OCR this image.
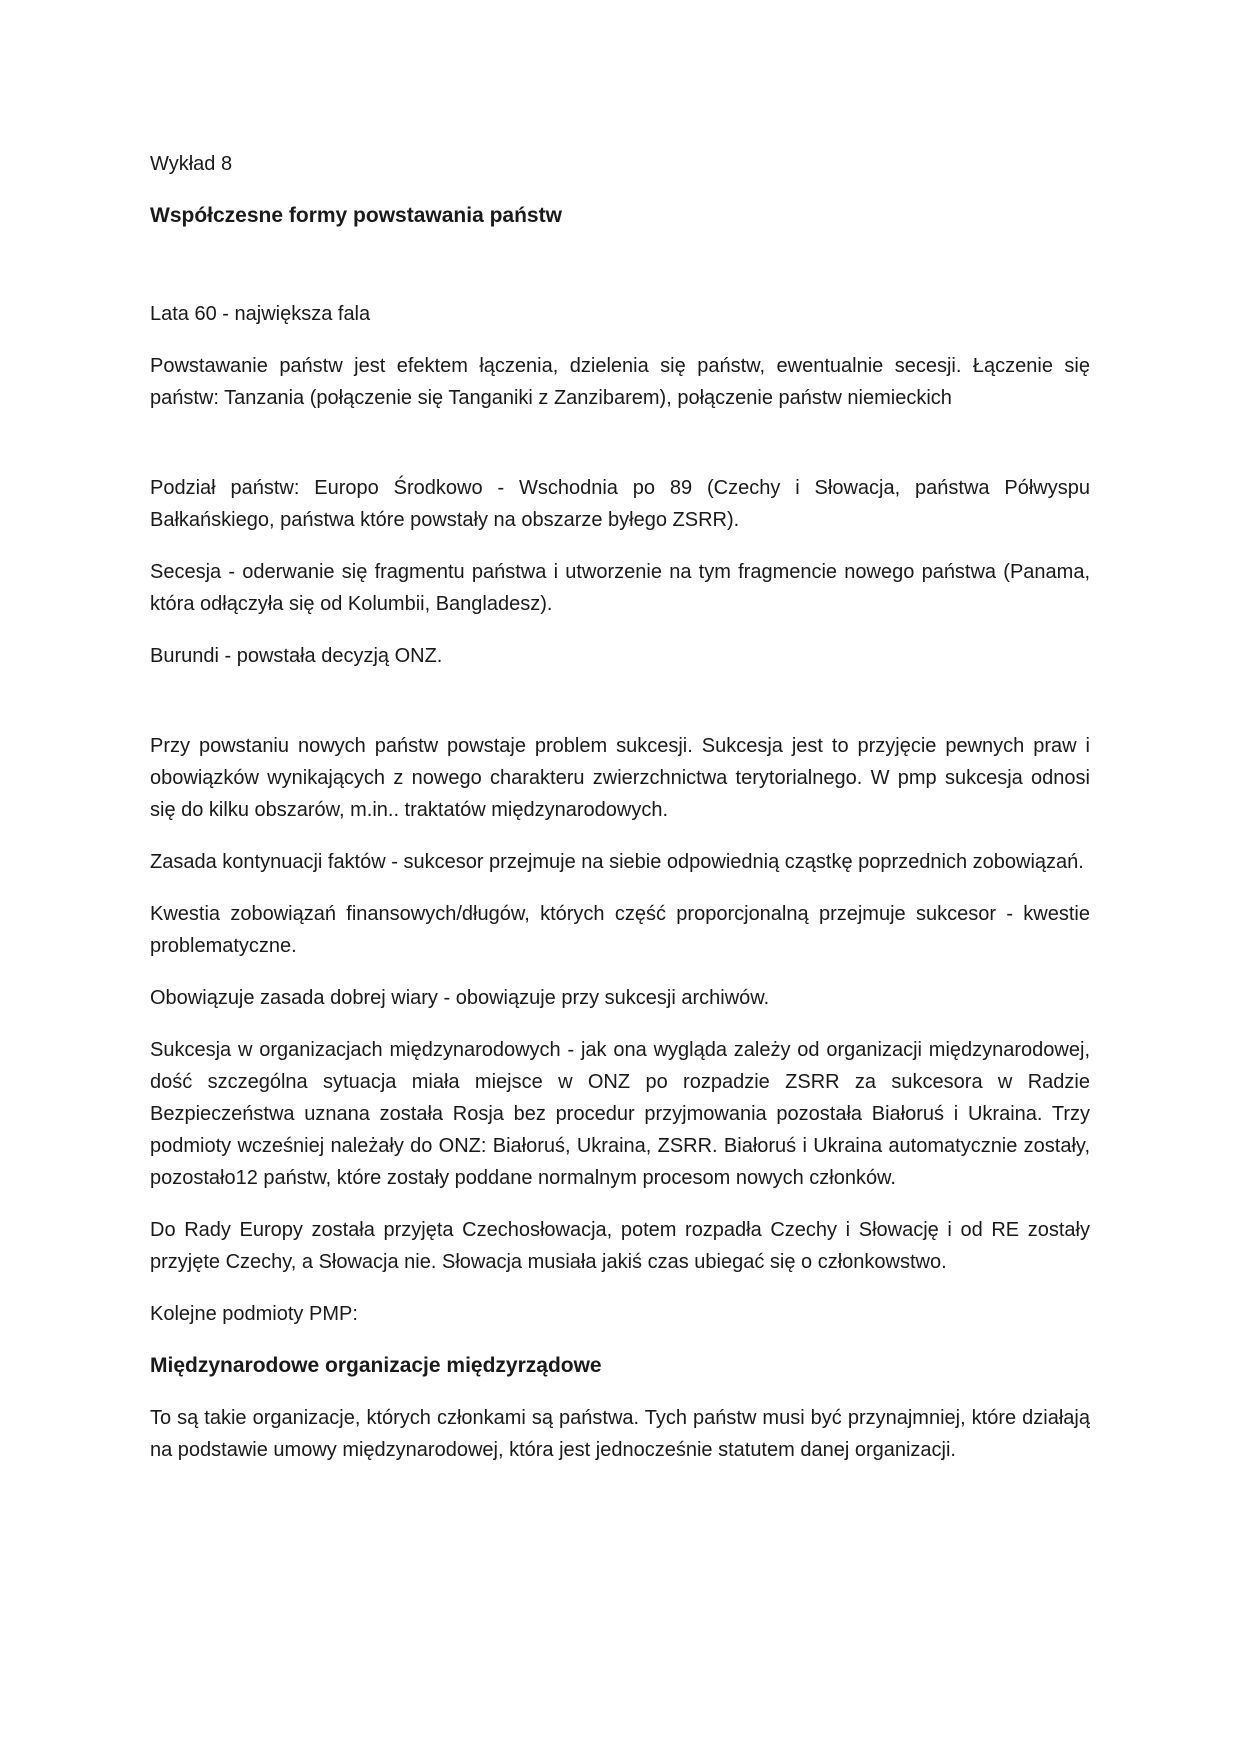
Wykład 8

Współczesne formy powstawania państw

Lata 60 - największa fala

Powstawanie państw jest efektem łączenia, dzielenia się państw, ewentualnie secesji. Łączenie się państw: Tanzania (połączenie się Tanganiki z Zanzibarem), połączenie państw niemieckich

Podział państw: Europo Środkowo - Wschodnia po 89 (Czechy i Słowacja, państwa Półwyspu Bałkańskiego, państwa które powstały na obszarze byłego ZSRR).

Secesja - oderwanie się fragmentu państwa i utworzenie na tym fragmencie nowego państwa (Panama, która odłączyła się od Kolumbii, Bangladesz).

Burundi - powstała decyzją ONZ.

Przy powstaniu nowych państw powstaje problem sukcesji. Sukcesja jest to przyjęcie pewnych praw i obowiązków wynikających z nowego charakteru zwierzchnictwa terytorialnego. W pmp sukcesja odnosi się do kilku obszarów, m.in.. traktatów międzynarodowych.

Zasada kontynuacji faktów - sukcesor przejmuje na siebie odpowiednią cząstkę poprzednich zobowiązań.

Kwestia zobowiązań finansowych/długów, których część proporcjonalną przejmuje sukcesor - kwestie problematyczne.

Obowiązuje zasada dobrej wiary - obowiązuje przy sukcesji archiwów.

Sukcesja w organizacjach międzynarodowych - jak ona wygląda zależy od organizacji międzynarodowej, dość szczególna sytuacja miała miejsce w ONZ po rozpadzie ZSRR za sukcesora w Radzie Bezpieczeństwa uznana została Rosja bez procedur przyjmowania pozostała Białoruś i Ukraina. Trzy podmioty wcześniej należały do ONZ: Białoruś, Ukraina, ZSRR. Białoruś i Ukraina automatycznie zostały, pozostało12 państw, które zostały poddane normalnym procesom nowych członków.

Do Rady Europy została przyjęta Czechosłowacja, potem rozpadła Czechy i Słowację i od RE zostały przyjęte Czechy, a Słowacja nie. Słowacja musiała jakiś czas ubiegać się o członkowstwo.

Kolejne podmioty PMP:

Międzynarodowe organizacje międzyrządowe

To są takie organizacje, których członkami są państwa. Tych państw musi być przynajmniej, które działają na podstawie umowy międzynarodowej, która jest jednocześnie statutem danej organizacji.
